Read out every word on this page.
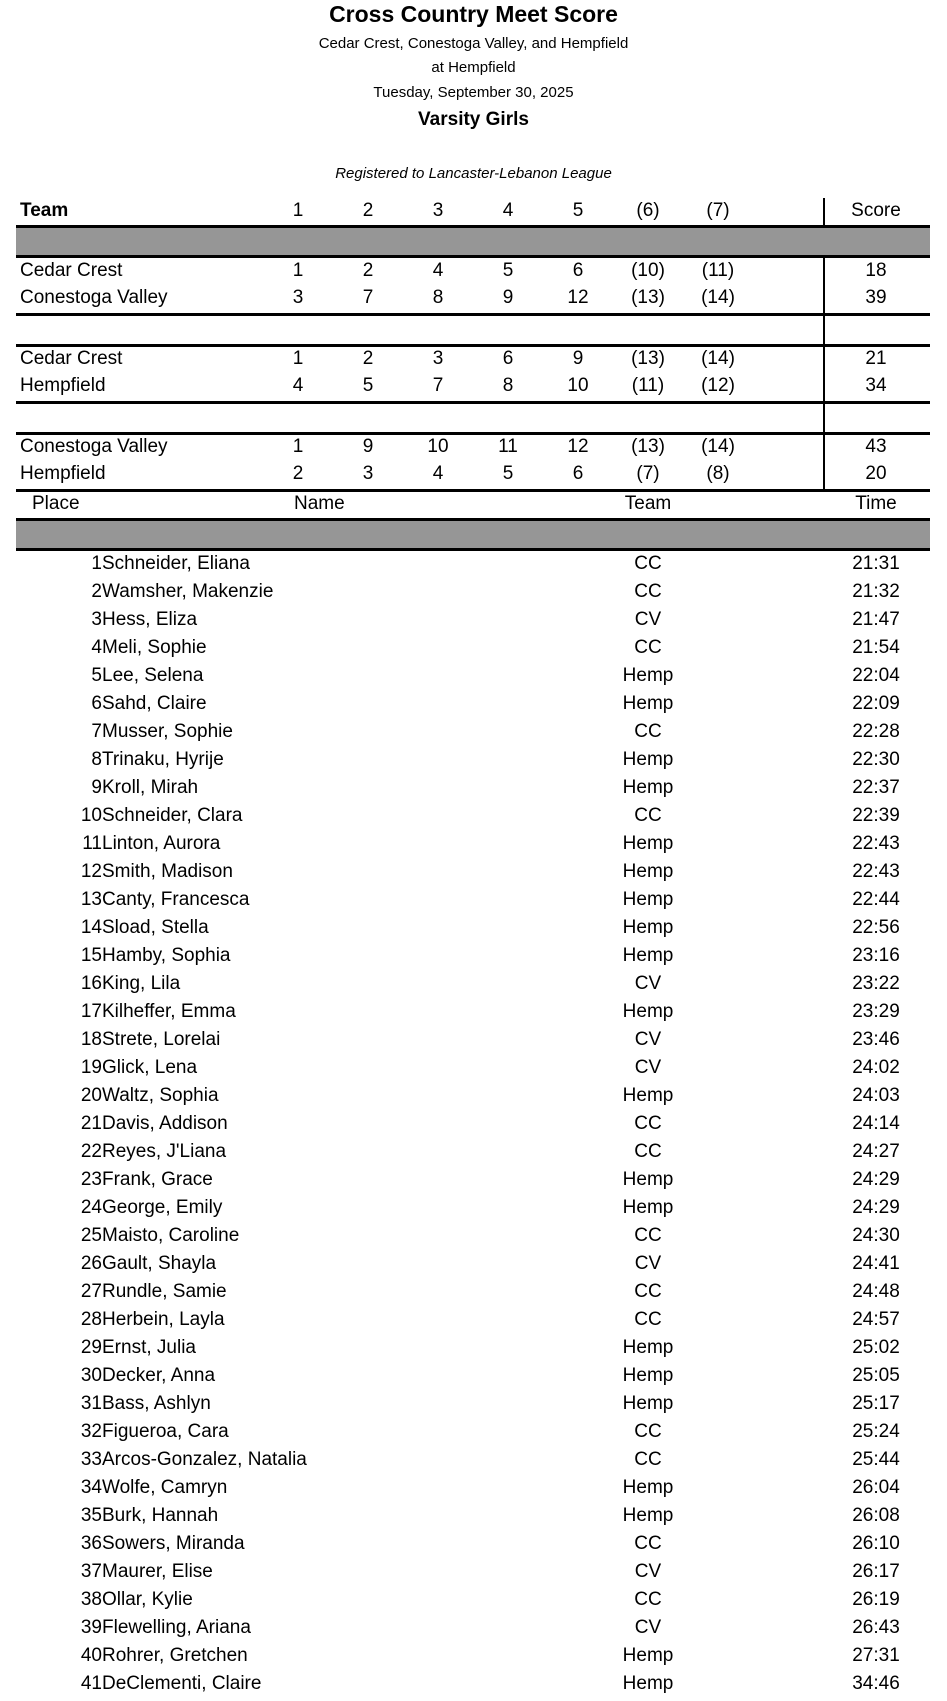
Cross Country Meet Score
Cedar Crest, Conestoga Valley, and Hempfield
at Hempfield
Tuesday, September 30, 2025
Varsity Girls
Registered to Lancaster-Lebanon League
Team	1	2	3	4	5	(6) (7)	Score
Cedar Crest	1	2	4	5	6	(10) (11)	18
Conestoga Valley	3	7	8	9	12 (13) (14)	39
Cedar Crest	1	2	3	6	9	(13) (14)	21
Hempfield	4	5	7	8	10 (11) (12)	34
Conestoga Valley	1	9	10	11	12 (13) (14)	43
Hempfield	2	3	4	5	6	(7) (8)	20
Place	Name	Team	Time
1 Schneider, Eliana	CC	21:31
2 Wamsher, Makenzie	CC	21:32
3 Hess, Eliza	CV	21:47
4 Meli, Sophie	CC	21:54
5 Lee, Selena	Hemp	22:04
6 Sahd, Claire	Hemp	22:09
7 Musser, Sophie	CC	22:28
8 Trinaku, Hyrije	Hemp	22:30
9 Kroll, Mirah	Hemp	22:37
10 Schneider, Clara	CC	22:39
11 Linton, Aurora	Hemp	22:43
12 Smith, Madison	Hemp	22:43
13 Canty, Francesca	Hemp	22:44
14 Sload, Stella	Hemp	22:56
15 Hamby, Sophia	Hemp	23:16
16 King, Lila	CV	23:22
17 Kilheffer, Emma	Hemp	23:29
18 Strete, Lorelai	CV	23:46
19 Glick, Lena	CV	24:02
20 Waltz, Sophia	Hemp	24:03
21 Davis, Addison	CC	24:14
22 Reyes, J'Liana	CC	24:27
23 Frank, Grace	Hemp	24:29
24 George, Emily	Hemp	24:29
25 Maisto, Caroline	CC	24:30
26 Gault, Shayla	CV	24:41
27 Rundle, Samie	CC	24:48
28 Herbein, Layla	CC	24:57
29 Ernst, Julia	Hemp	25:02
30 Decker, Anna	Hemp	25:05
31 Bass, Ashlyn	Hemp	25:17
32 Figueroa, Cara	CC	25:24
33 Arcos-Gonzalez, Natalia	CC	25:44
34 Wolfe, Camryn	Hemp	26:04
35 Burk, Hannah	Hemp	26:08
36 Sowers, Miranda	CC	26:10
37 Maurer, Elise	CV	26:17
38 Ollar, Kylie	CC	26:19
39 Flewelling, Ariana	CV	26:43
40 Rohrer, Gretchen	Hemp	27:31
41 DeClementi, Claire	Hemp	34:46
